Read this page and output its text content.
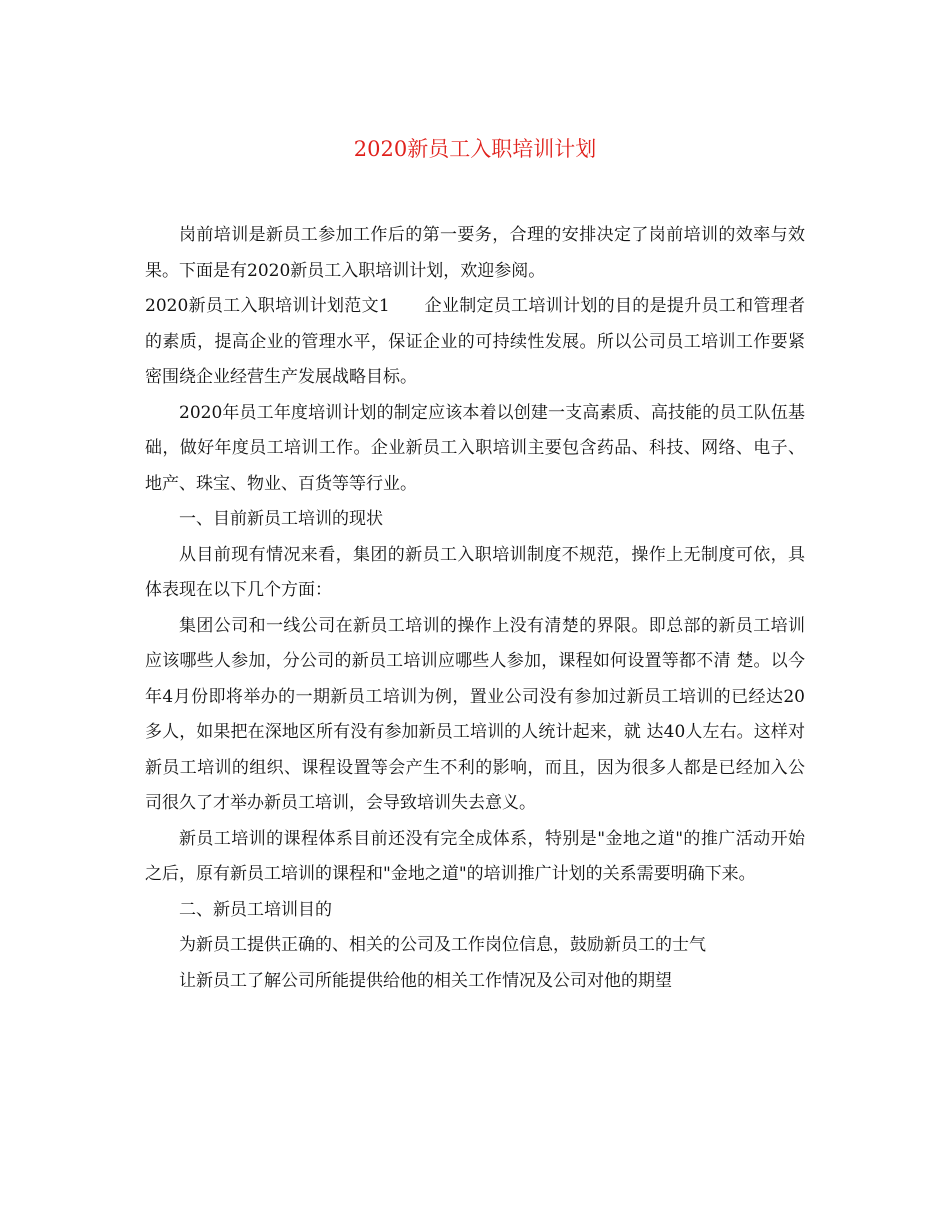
2020新员工入职培训计划

岗前培训是新员工参加工作后的第一要务，合理的安排决定了岗前培训的效率与效果。下面是有2020新员工入职培训计划，欢迎参阅。

2020新员工入职培训计划范文1　　企业制定员工培训计划的目的是提升员工和管理者的素质，提高企业的管理水平，保证企业的可持续性发展。所以公司员工培训工作要紧密围绕企业经营生产发展战略目标。

2020年员工年度培训计划的制定应该本着以创建一支高素质、高技能的员工队伍基础，做好年度员工培训工作。企业新员工入职培训主要包含药品、科技、网络、电子、地产、珠宝、物业、百货等等行业。

一、目前新员工培训的现状

从目前现有情况来看，集团的新员工入职培训制度不规范，操作上无制度可依，具体表现在以下几个方面：

集团公司和一线公司在新员工培训的操作上没有清楚的界限。即总部的新员工培训应该哪些人参加，分公司的新员工培训应哪些人参加，课程如何设置等都不清 楚。以今年4月份即将举办的一期新员工培训为例，置业公司没有参加过新员工培训的已经达20多人，如果把在深地区所有没有参加新员工培训的人统计起来，就 达40人左右。这样对新员工培训的组织、课程设置等会产生不利的影响，而且，因为很多人都是已经加入公司很久了才举办新员工培训，会导致培训失去意义。

新员工培训的课程体系目前还没有完全成体系，特别是"金地之道"的推广活动开始之后，原有新员工培训的课程和"金地之道"的培训推广计划的关系需要明确下来。

二、新员工培训目的

为新员工提供正确的、相关的公司及工作岗位信息，鼓励新员工的士气

让新员工了解公司所能提供给他的相关工作情况及公司对他的期望
